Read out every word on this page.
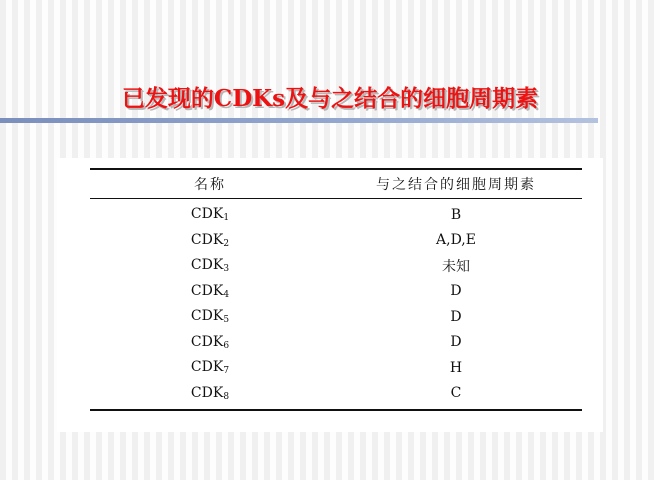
已发现的CDKs及与之结合的细胞周期素
名称	与之结合的细胞周期素
$CDK_1$	B
$CDK_2$	A,D,E
$CDK_3$	未知
$CDK_4$	D
$CDK_5$	D
$CDK_6$	D
$CDK_7$	H
$CDK_8$	C
